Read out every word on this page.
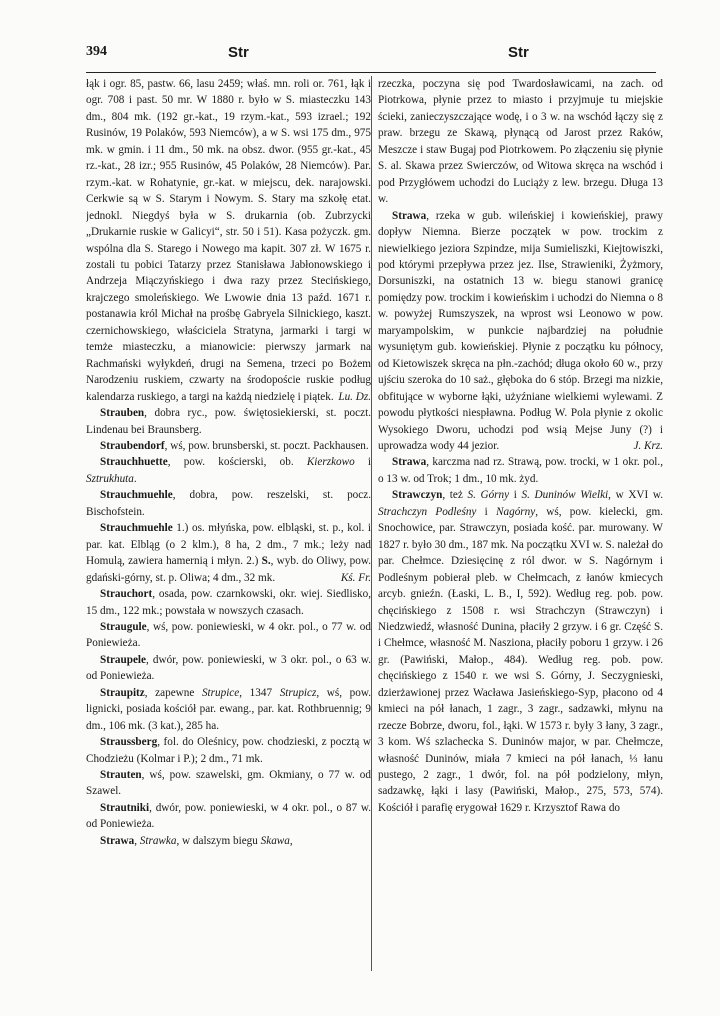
394	Str	Str

łąk i ogr. 85, pastw. 66, lasu 2459; właś. mn. roli or. 761, łąk i ogr. 708 i past. 50 mr. W 1880 r. było w S. miasteczku 143 dm., 804 mk. (192 gr.-kat., 19 rzym.-kat., 593 izrael.; 192 Rusinów, 19 Polaków, 593 Niemców), a w S. wsi 175 dm., 975 mk. w gmin. i 11 dm., 50 mk. na obsz. dwor. (955 gr.-kat., 45 rz.-kat., 28 izr.; 955 Rusinów, 45 Polaków, 28 Niemców). Par. rzym.-kat. w Rohatynie, gr.-kat. w miejscu, dek. narajowski. Cerkwie są w S. Starym i Nowym. S. Stary ma szkołę etat. jednokl. Niegdyś była w S. drukarnia (ob. Zubrzycki „Drukarnie ruskie w Galicyi“, str. 50 i 51). Kasa pożyczk. gm. wspólna dla S. Starego i Nowego ma kapit. 307 zł. W 1675 r. zostali tu pobici Tatarzy przez Stanisława Jabłonowskiego i Andrzeja Miączyńskiego i dwa razy przez Stecińskiego, krajczego smoleńskiego. We Lwowie dnia 13 paźd. 1671 r. postanawia król Michał na prośbę Gabryela Silnickiego, kaszt. czernichowskiego, właściciela Stratyna, jarmarki i targi w temże miasteczku, a mianowicie: pierwszy jarmark na Rachmański wyłykdeń, drugi na Semena, trzeci po Bożem Narodzeniu ruskiem, czwarty na środopoście ruskie podług kalendarza ruskiego, a targi na każdą niedzielę i piątek. Lu. Dz.

Strauben, dobra ryc., pow. świętosiekierski, st. poczt. Lindenau bei Braunsberg.

Straubendorf, wś, pow. brunsberski, st. poczt. Packhausen.

Strauchhuette, pow. kościerski, ob. Kierzkowo i Sztrukhuta.

Strauchmuehle, dobra, pow. reszelski, st. pocz. Bischofstein.

Strauchmuehle 1.) os. młyńska, pow. elbląski, st. p., kol. i par. kat. Elbląg (o 2 klm.), 8 ha, 2 dm., 7 mk.; leży nad Homulą, zawiera hamernią i młyn. 2.) S., wyb. do Oliwy, pow. gdański-górny, st. p. Oliwa; 4 dm., 32 mk.	Kś. Fr.

Strauchort, osada, pow. czarnkowski, okr. wiej. Siedlisko, 15 dm., 122 mk.; powstała w nowszych czasach.

Straugule, wś, pow. poniewieski, w 4 okr. pol., o 77 w. od Poniewieża.

Straupele, dwór, pow. poniewieski, w 3 okr. pol., o 63 w. od Poniewieża.

Straupitz, zapewne Strupice, 1347 Strupicz, wś, pow. lignicki, posiada kościół par. ewang., par. kat. Rothbruennig; 9 dm., 106 mk. (3 kat.), 285 ha.

Straussberg, fol. do Oleśnicy, pow. chodzieski, z pocztą w Chodzieżu (Kolmar i P.); 2 dm., 71 mk.

Strauten, wś, pow. szawelski, gm. Okmiany, o 77 w. od Szawel.

Strautniki, dwór, pow. poniewieski, w 4 okr. pol., o 87 w. od Poniewieża.

Strawa, Strawka, w dalszym biegu Skawa,

rzeczka, poczyna się pod Twardosławicami, na zach. od Piotrkowa, płynie przez to miasto i przyjmuje tu miejskie ścieki, zanieczyszczające wodę, i o 3 w. na wschód łączy się z praw. brzegu ze Skawą, płynącą od Jarost przez Raków, Meszcze i staw Bugaj pod Piotrkowem. Po złączeniu się płynie S. al. Skawa przez Swierczów, od Witowa skręca na wschód i pod Przygłówem uchodzi do Luciąży z lew. brzegu. Długa 13 w.

Strawa, rzeka w gub. wileńskiej i kowieńskiej, prawy dopływ Niemna. Bierze początek w pow. trockim z niewielkiego jeziora Szpindze, mija Sumieliszki, Kiejtowiszki, pod którymi przepływa przez jez. Ilse, Strawieniki, Żyżmory, Dorsuniszki, na ostatnich 13 w. biegu stanowi granicę pomiędzy pow. trockim i kowieńskim i uchodzi do Niemna o 8 w. powyżej Rumszyszek, na wprost wsi Leonowo w pow. maryampolskim, w punkcie najbardziej na południe wysuniętym gub. kowieńskiej. Płynie z początku ku północy, od Kietowiszek skręca na płn.-zachód; długa około 60 w., przy ujściu szeroka do 10 saż., głęboka do 6 stóp. Brzegi ma nizkie, obfitujące w wyborne łąki, użyźniane wielkiemi wylewami. Z powodu płytkości niespławna. Podług W. Pola płynie z okolic Wysokiego Dworu, uchodzi pod wsią Mejse Juny (?) i uprowadza wody 44 jezior.	J. Krz.

Strawa, karczma nad rz. Strawą, pow. trocki, w 1 okr. pol., o 13 w. od Trok; 1 dm., 10 mk. żyd.

Strawczyn, też S. Górny i S. Duninów Wielki, w XVI w. Strachczyn Podleśny i Nagórny, wś, pow. kielecki, gm. Snochowice, par. Strawczyn, posiada kość. par. murowany. W 1827 r. było 30 dm., 187 mk. Na początku XVI w. S. należał do par. Chełmce. Dziesięcinę z ról dwor. w S. Nagórnym i Podleśnym pobierał pleb. w Chełmcach, z łanów kmiecych arcyb. gnieźn. (Łaski, L. B., I, 592). Według reg. pob. pow. chęcińskiego z 1508 r. wsi Strachczyn (Strawczyn) i Niedzwiedź, własność Dunina, płaciły 2 grzyw. i 6 gr. Część S. i Chełmce, własność M. Nasziona, płaciły poboru 1 grzyw. i 26 gr. (Pawiński, Małop., 484). Według reg. pob. pow. chęcińskiego z 1540 r. we wsi S. Górny, J. Seczygnieski, dzierżawionej przez Wacława Jasieńskiego-Syp, płacono od 4 kmieci na pół łanach, 1 zagr., 3 zagr., sadzawki, młynu na rzecze Bobrze, dworu, fol., łąki. W 1573 r. były 3 łany, 3 zagr., 3 kom. Wś szlachecka S. Duninów major, w par. Chełmcze, własność Duninów, miała 7 kmieci na pół łanach, ⅓ łanu pustego, 2 zagr., 1 dwór, fol. na pół podzielony, młyn, sadzawkę, łąki i lasy (Pawiński, Małop., 275, 573, 574). Kościół i parafię erygował 1629 r. Krzysztof Rawa do
